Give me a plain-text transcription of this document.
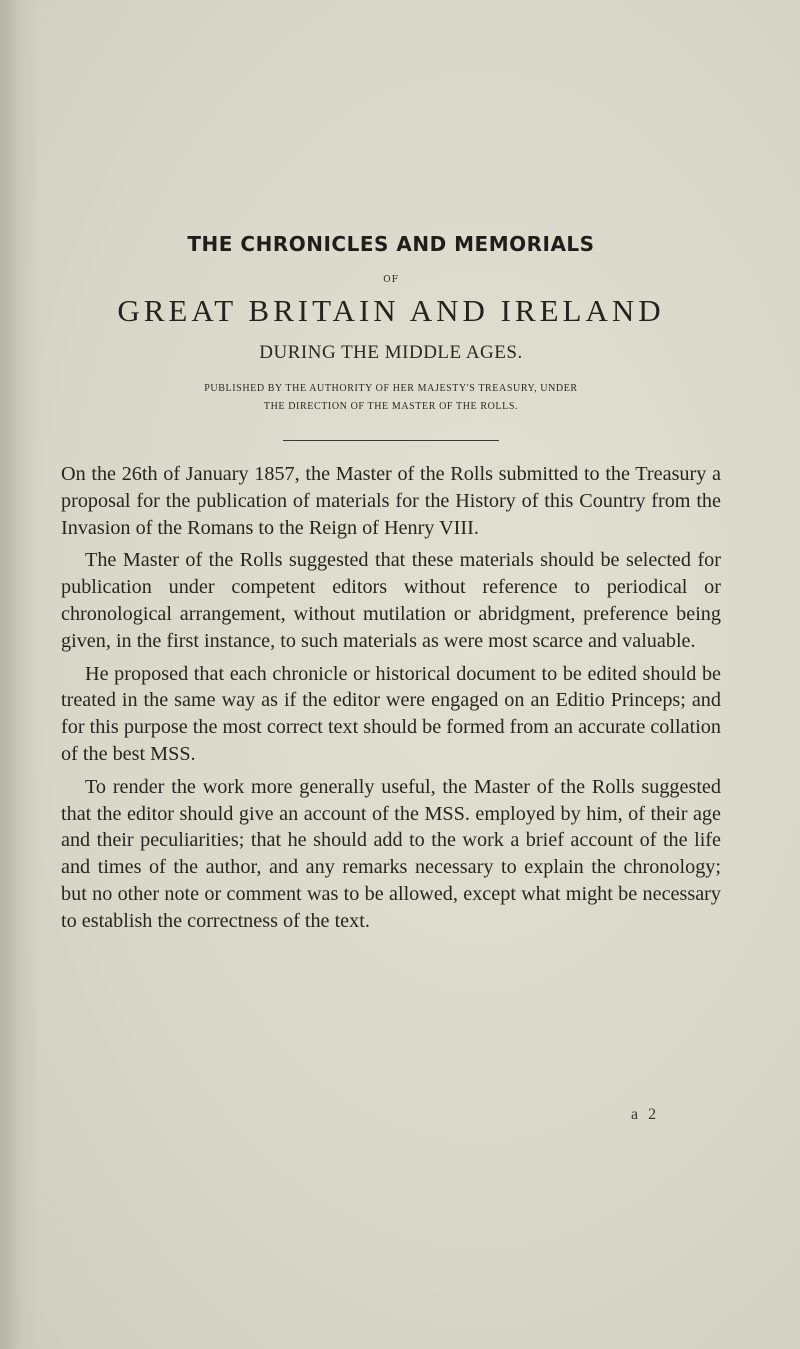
THE CHRONICLES AND MEMORIALS
OF
GREAT BRITAIN AND IRELAND
DURING THE MIDDLE AGES.
PUBLISHED BY THE AUTHORITY OF HER MAJESTY'S TREASURY, UNDER
THE DIRECTION OF THE MASTER OF THE ROLLS.

On the 26th of January 1857, the Master of the Rolls submitted to the Treasury a proposal for the publication of materials for the History of this Country from the Invasion of the Romans to the Reign of Henry VIII.

The Master of the Rolls suggested that these materials should be selected for publication under competent editors without reference to periodical or chronological arrangement, without mutilation or abridgment, preference being given, in the first instance, to such materials as were most scarce and valuable.

He proposed that each chronicle or historical document to be edited should be treated in the same way as if the editor were engaged on an Editio Princeps; and for this purpose the most correct text should be formed from an accurate collation of the best MSS.

To render the work more generally useful, the Master of the Rolls suggested that the editor should give an account of the MSS. employed by him, of their age and their peculiarities; that he should add to the work a brief account of the life and times of the author, and any remarks necessary to explain the chronology; but no other note or comment was to be allowed, except what might be necessary to establish the correctness of the text.

a 2
